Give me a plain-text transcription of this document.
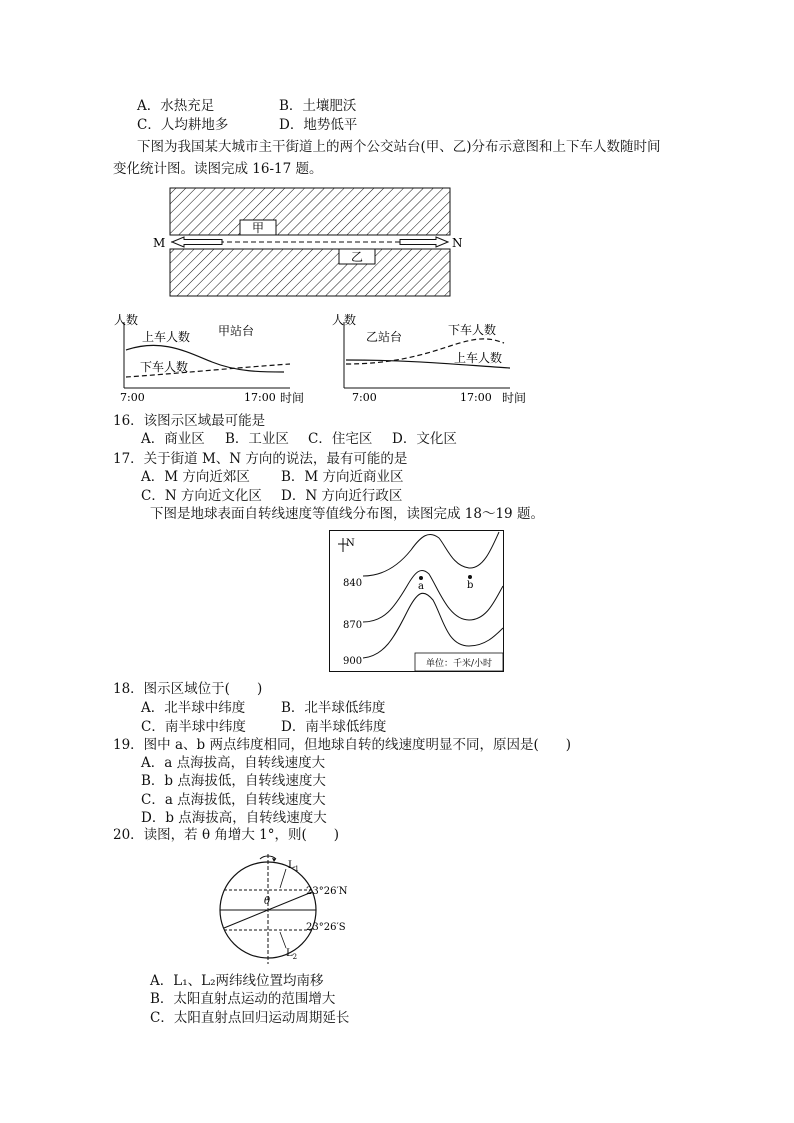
A．水热充足	B．土壤肥沃
C．人均耕地多	D．地势低平
下图为我国某大城市主干街道上的两个公交站台(甲、乙)分布示意图和上下车人数随时间
变化统计图。读图完成 16-17 题。
甲
乙
M	N
人数
甲站台
上车人数
下车人数
7:00	17:00 时间
人数
乙站台	下车人数
上车人数
7:00	17:00 时间
16．该图示区域最可能是
A．商业区 B．工业区 C．住宅区 D．文化区
17．关于街道 M、N 方向的说法，最有可能的是
A．M 方向近郊区 B．M 方向近商业区
C．N 方向近文化区 D．N 方向近行政区
下图是地球表面自转线速度等值线分布图，读图完成 18～19 题。
N
840
870
900
a	b
单位：千米/小时
18．图示区域位于(　　)
A．北半球中纬度	B．北半球低纬度
C．南半球中纬度	D．南半球低纬度
19．图中 a、b 两点纬度相同，但地球自转的线速度明显不同，原因是(　　)
A．a 点海拔高，自转线速度大
B．b 点海拔低，自转线速度大
C．a 点海拔低，自转线速度大
D．b 点海拔高，自转线速度大
20．读图，若 θ 角增大 1°，则(　　)
θ
$L_1$
$L_2$
23°26′N
23°26′S
A．L₁、L₂两纬线位置均南移
B．太阳直射点运动的范围增大
C．太阳直射点回归运动周期延长
